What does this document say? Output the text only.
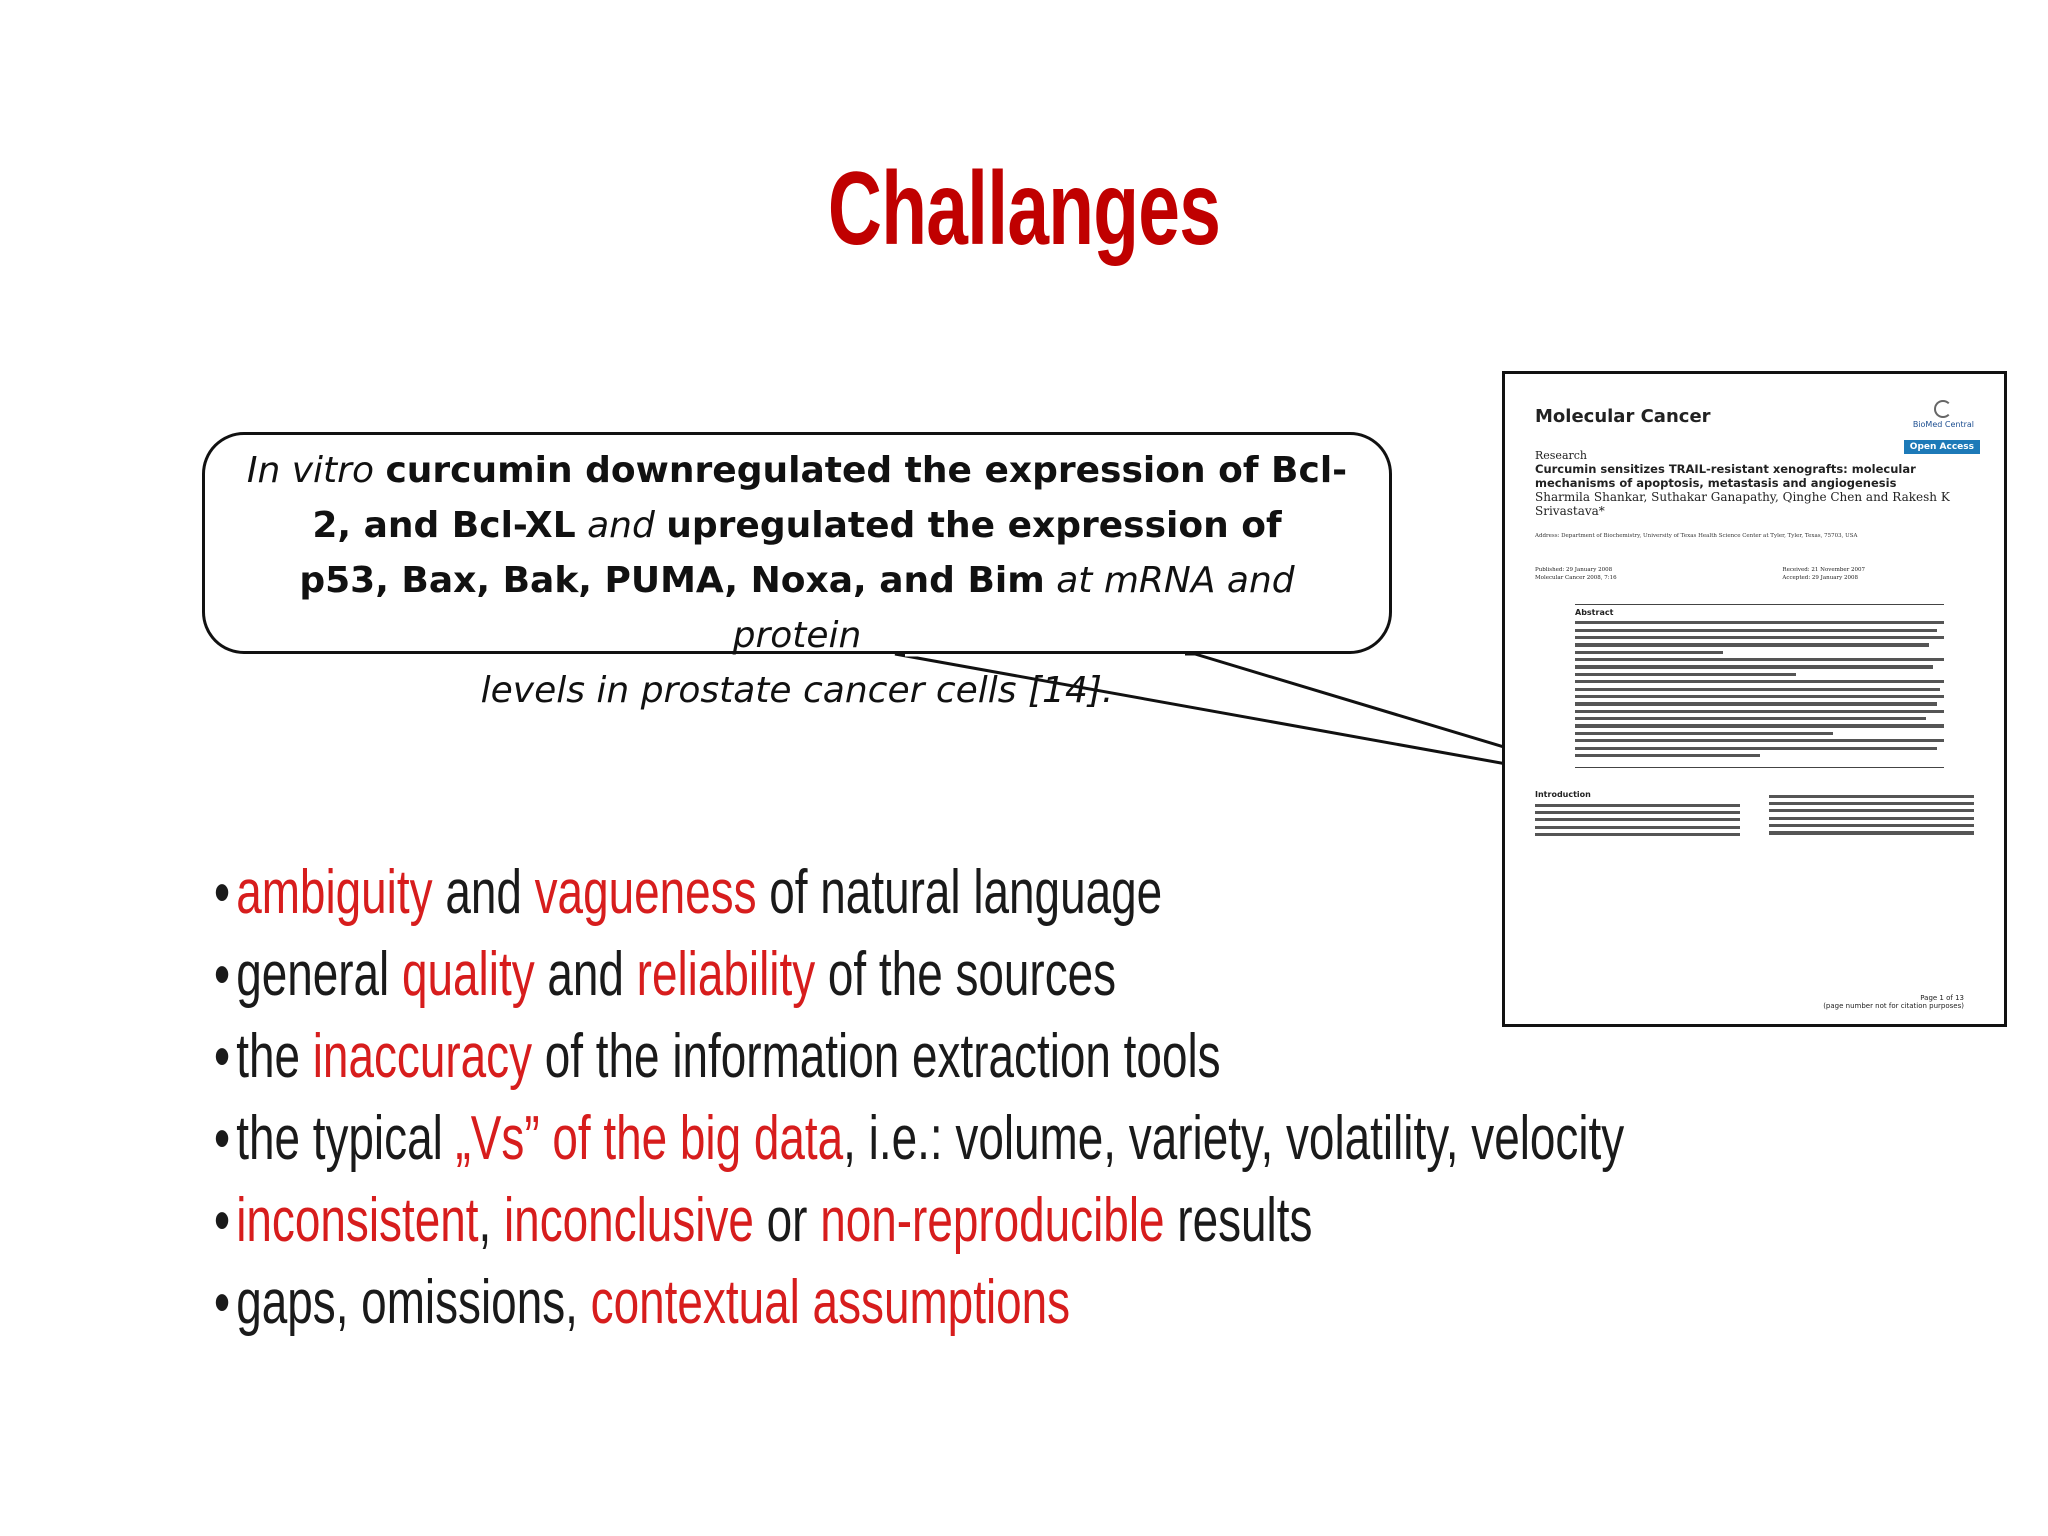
Challanges
In vitro curcumin downregulated the expression of Bcl-
2, and Bcl-XL and upregulated the expression of
p53, Bax, Bak, PUMA, Noxa, and Bim at mRNA and protein
levels in prostate cancer cells [14].
Molecular Cancer	BioMed Central
Research
Open Access
Curcumin sensitizes TRAIL-resistant xenografts: molecular mechanisms of apoptosis, metastasis and angiogenesis
Sharmila Shankar, Suthakar Ganapathy, Qinghe Chen and Rakesh K Srivastava*
Address: Department of Biochemistry, University of Texas Health Science Center at Tyler, Tyler, Texas, 75703, USA
Published: 29 January 2008
Molecular Cancer 2008, 7:16
Received: 21 November 2007
Accepted: 29 January 2008
Abstract
Introduction
Page 1 of 13
(page number not for citation purposes)
•ambiguity and vagueness of natural language
•general quality and reliability of the sources
•the inaccuracy of the information extraction tools
•the typical „Vs” of the big data, i.e.: volume, variety, volatility, velocity
•inconsistent, inconclusive or non-reproducible results
•gaps, omissions, contextual assumptions
